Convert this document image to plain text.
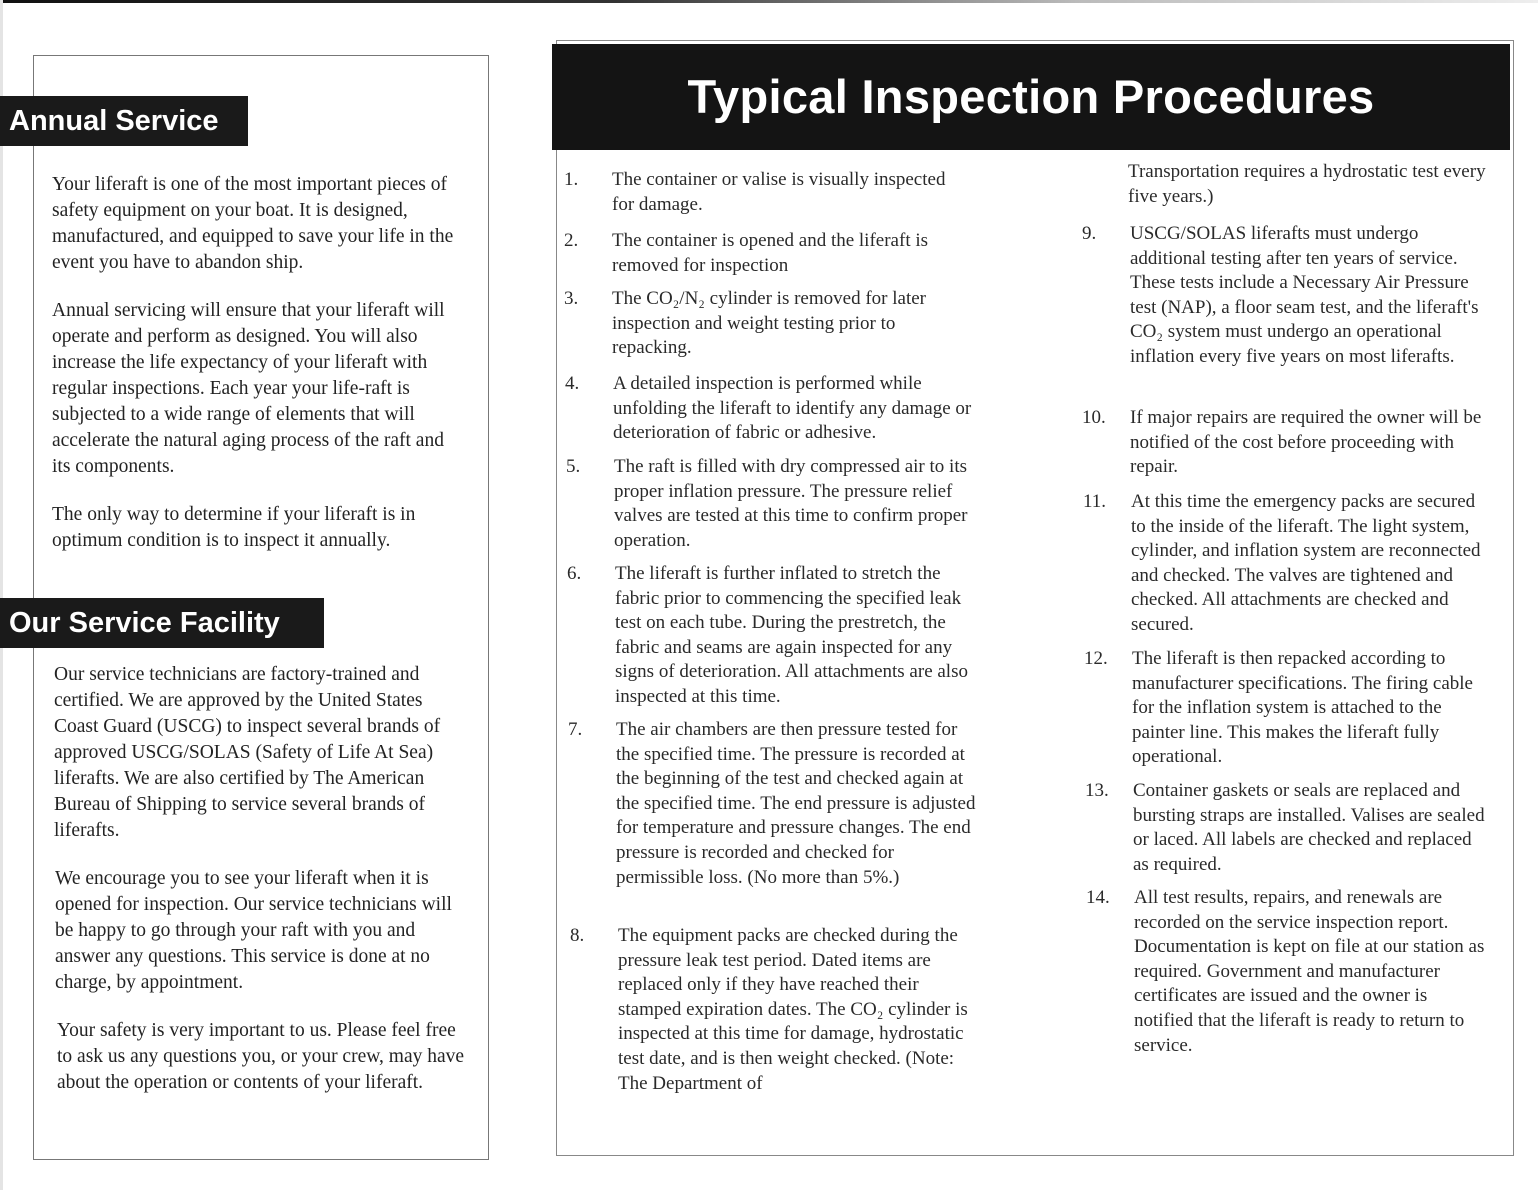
Annual Service
Your liferaft is one of the most important pieces of safety equipment on your boat. It is designed, manufactured, and equipped to save your life in the event you have to abandon ship.
Annual servicing will ensure that your liferaft will operate and perform as designed. You will also increase the life expectancy of your liferaft with regular inspections. Each year your life-raft is subjected to a wide range of elements that will accelerate the natural aging process of the raft and its components.
The only way to determine if your liferaft is in optimum condition is to inspect it annually.
Our Service Facility
Our service technicians are factory-trained and certified. We are approved by the United States Coast Guard (USCG) to inspect several brands of approved USCG/SOLAS (Safety of Life At Sea) liferafts. We are also certified by The American Bureau of Shipping to service several brands of liferafts.
We encourage you to see your liferaft when it is opened for inspection. Our service technicians will be happy to go through your raft with you and answer any questions. This service is done at no charge, by appointment.
Your safety is very important to us. Please feel free to ask us any questions you, or your crew, may have about the operation or contents of your liferaft.
Typical Inspection Procedures
1.	The container or valise is visually inspected for damage.
2.	The container is opened and the liferaft is removed for inspection
3.	The CO₂/N₂ cylinder is removed for later inspection and weight testing prior to repacking.
4.	A detailed inspection is performed while unfolding the liferaft to identify any damage or deterioration of fabric or adhesive.
5.	The raft is filled with dry compressed air to its proper inflation pressure. The pressure relief valves are tested at this time to confirm proper operation.
6.	The liferaft is further inflated to stretch the fabric prior to commencing the specified leak test on each tube. During the prestretch, the fabric and seams are again inspected for any signs of deterioration. All attachments are also inspected at this time.
7.	The air chambers are then pressure tested for the specified time. The pressure is recorded at the beginning of the test and checked again at the specified time. The end pressure is adjusted for temperature and pressure changes. The end pressure is recorded and checked for permissible loss. (No more than 5%.)
8.	The equipment packs are checked during the pressure leak test period. Dated items are replaced only if they have reached their stamped expiration dates. The CO₂ cylinder is inspected at this time for damage, hydrostatic test date, and is then weight checked. (Note: The Department of
Transportation requires a hydrostatic test every five years.)
9.	USCG/SOLAS liferafts must undergo additional testing after ten years of service. These tests include a Necessary Air Pressure test (NAP), a floor seam test, and the liferaft's CO₂ system must undergo an operational inflation every five years on most liferafts.
10.	If major repairs are required the owner will be notified of the cost before proceeding with repair.
11.	At this time the emergency packs are secured to the inside of the liferaft. The light system, cylinder, and inflation system are reconnected and checked. The valves are tightened and checked. All attachments are checked and secured.
12.	The liferaft is then repacked according to manufacturer specifications. The firing cable for the inflation system is attached to the painter line. This makes the liferaft fully operational.
13.	Container gaskets or seals are replaced and bursting straps are installed. Valises are sealed or laced. All labels are checked and replaced as required.
14.	All test results, repairs, and renewals are recorded on the service inspection report. Documentation is kept on file at our station as required. Government and manufacturer certificates are issued and the owner is notified that the liferaft is ready to return to service.
